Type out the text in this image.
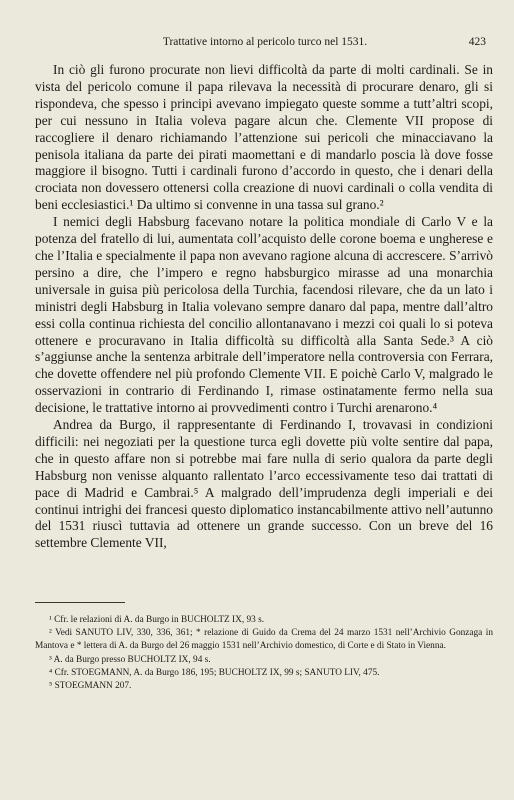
Trattative intorno al pericolo turco nel 1531.	423

In ciò gli furono procurate non lievi difficoltà da parte di molti cardinali. Se in vista del pericolo comune il papa rilevava la necessità di procurare denaro, gli si rispondeva, che spesso i principi avevano impiegato queste somme a tutt’altri scopi, per cui nessuno in Italia voleva pagare alcun che. Clemente VII propose di raccogliere il denaro richiamando l’attenzione sui pericoli che minacciavano la penisola italiana da parte dei pirati maomettani e di mandarlo poscia là dove fosse maggiore il bisogno. Tutti i cardinali furono d’accordo in questo, che i denari della crociata non dovessero ottenersi colla creazione di nuovi cardinali o colla vendita di beni ecclesiastici.¹ Da ultimo si convenne in una tassa sul grano.²

I nemici degli Habsburg facevano notare la politica mondiale di Carlo V e la potenza del fratello di lui, aumentata coll’acquisto delle corone boema e ungherese e che l’Italia e specialmente il papa non avevano ragione alcuna di accrescere. S’arrivò persino a dire, che l’impero e regno habsburgico mirasse ad una monarchia universale in guisa più pericolosa della Turchia, facendosi rilevare, che da un lato i ministri degli Habsburg in Italia volevano sempre danaro dal papa, mentre dall’altro essi colla continua richiesta del concilio allontanavano i mezzi coi quali lo si poteva ottenere e procuravano in Italia difficoltà su difficoltà alla Santa Sede.³ A ciò s’aggiunse anche la sentenza arbitrale dell’imperatore nella controversia con Ferrara, che dovette offendere nel più profondo Clemente VII. E poichè Carlo V, malgrado le osservazioni in contrario di Ferdinando I, rimase ostinatamente fermo nella sua decisione, le trattative intorno ai provvedimenti contro i Turchi arenarono.⁴

Andrea da Burgo, il rappresentante di Ferdinando I, trovavasi in condizioni difficili: nei negoziati per la questione turca egli dovette più volte sentire dal papa, che in questo affare non si potrebbe mai fare nulla di serio qualora da parte degli Habsburg non venisse alquanto rallentato l’arco eccessivamente teso dai trattati di pace di Madrid e Cambrai.⁵ A malgrado dell’imprudenza degli imperiali e dei continui intrighi dei francesi questo diplomatico instancabilmente attivo nell’autunno del 1531 riuscì tuttavia ad ottenere un grande successo. Con un breve del 16 settembre Clemente VII,

¹ Cfr. le relazioni di A. da Burgo in BUCHOLTZ IX, 93 s.

² Vedi SANUTO LIV, 330, 336, 361; * relazione di Guido da Crema del 24 marzo 1531 nell’Archivio Gonzaga in Mantova e * lettera di A. da Burgo del 26 maggio 1531 nell’Archivio domestico, di Corte e di Stato in Vienna.

³ A. da Burgo presso BUCHOLTZ IX, 94 s.

⁴ Cfr. STOEGMANN, A. da Burgo 186, 195; BUCHOLTZ IX, 99 s; SANUTO LIV, 475.

⁵ STOEGMANN 207.
